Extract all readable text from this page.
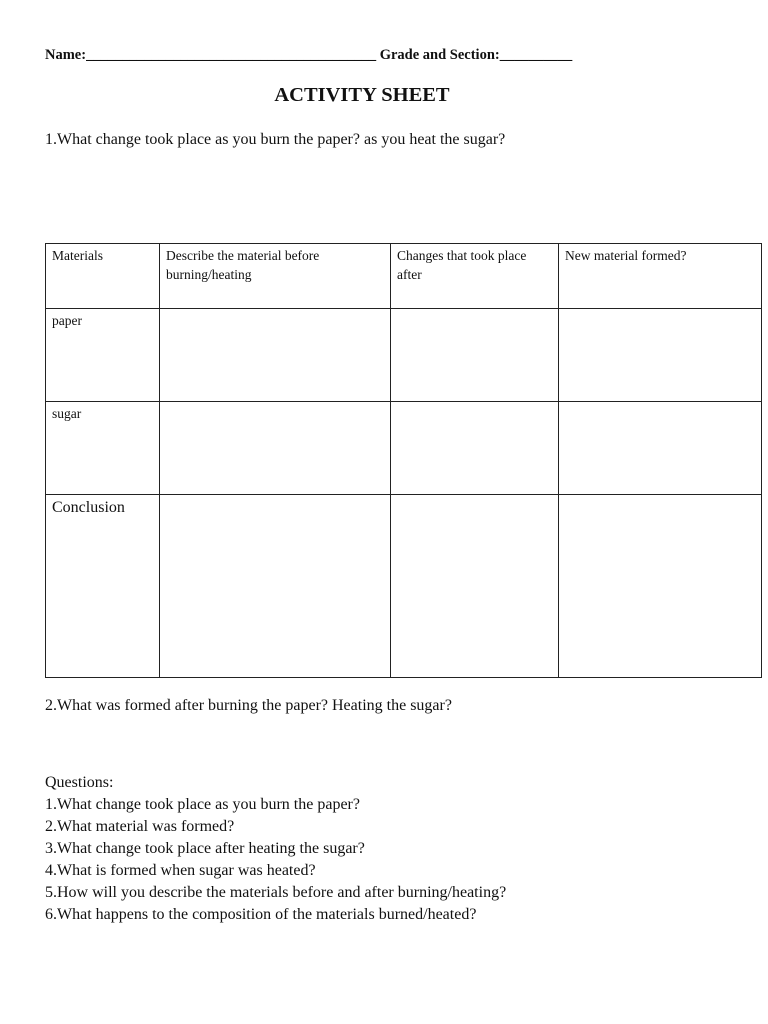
Name:________________________________________ Grade and Section:__________
ACTIVITY SHEET
1.What change took place as you burn the paper? as you heat the sugar?
Materials	Describe the material before burning/heating	Changes that took place after	New material formed?
paper			
sugar			
Conclusion			
2.What was formed after burning the paper? Heating the sugar?
Questions:
1.What change took place as you burn the paper?
2.What material was formed?
3.What change took place after heating the sugar?
4.What is formed when sugar was heated?
5.How will you describe the materials before and after burning/heating?
6.What happens to the composition of the materials burned/heated?
